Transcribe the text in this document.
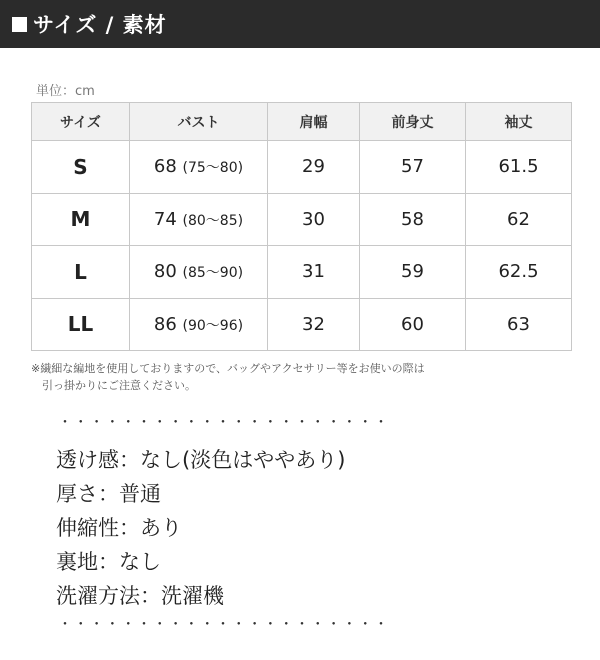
サイズ / 素材
単位：cm
サイズ	バスト	肩幅	前身丈	袖丈
S	68 (75～80)	29	57	61.5
M	74 (80～85)	30	58	62
L	80 (85～90)	31	59	62.5
LL	86 (90～96)	32	60	63
※繊細な編地を使用しておりますので、バッグやアクセサリー等をお使いの際は
　引っ掛かりにご注意ください。
・・・・・・・・・・・・・・・・・・・・・
透け感：なし(淡色はややあり)
厚さ：普通
伸縮性：あり
裏地：なし
洗濯方法：洗濯機
・・・・・・・・・・・・・・・・・・・・・
